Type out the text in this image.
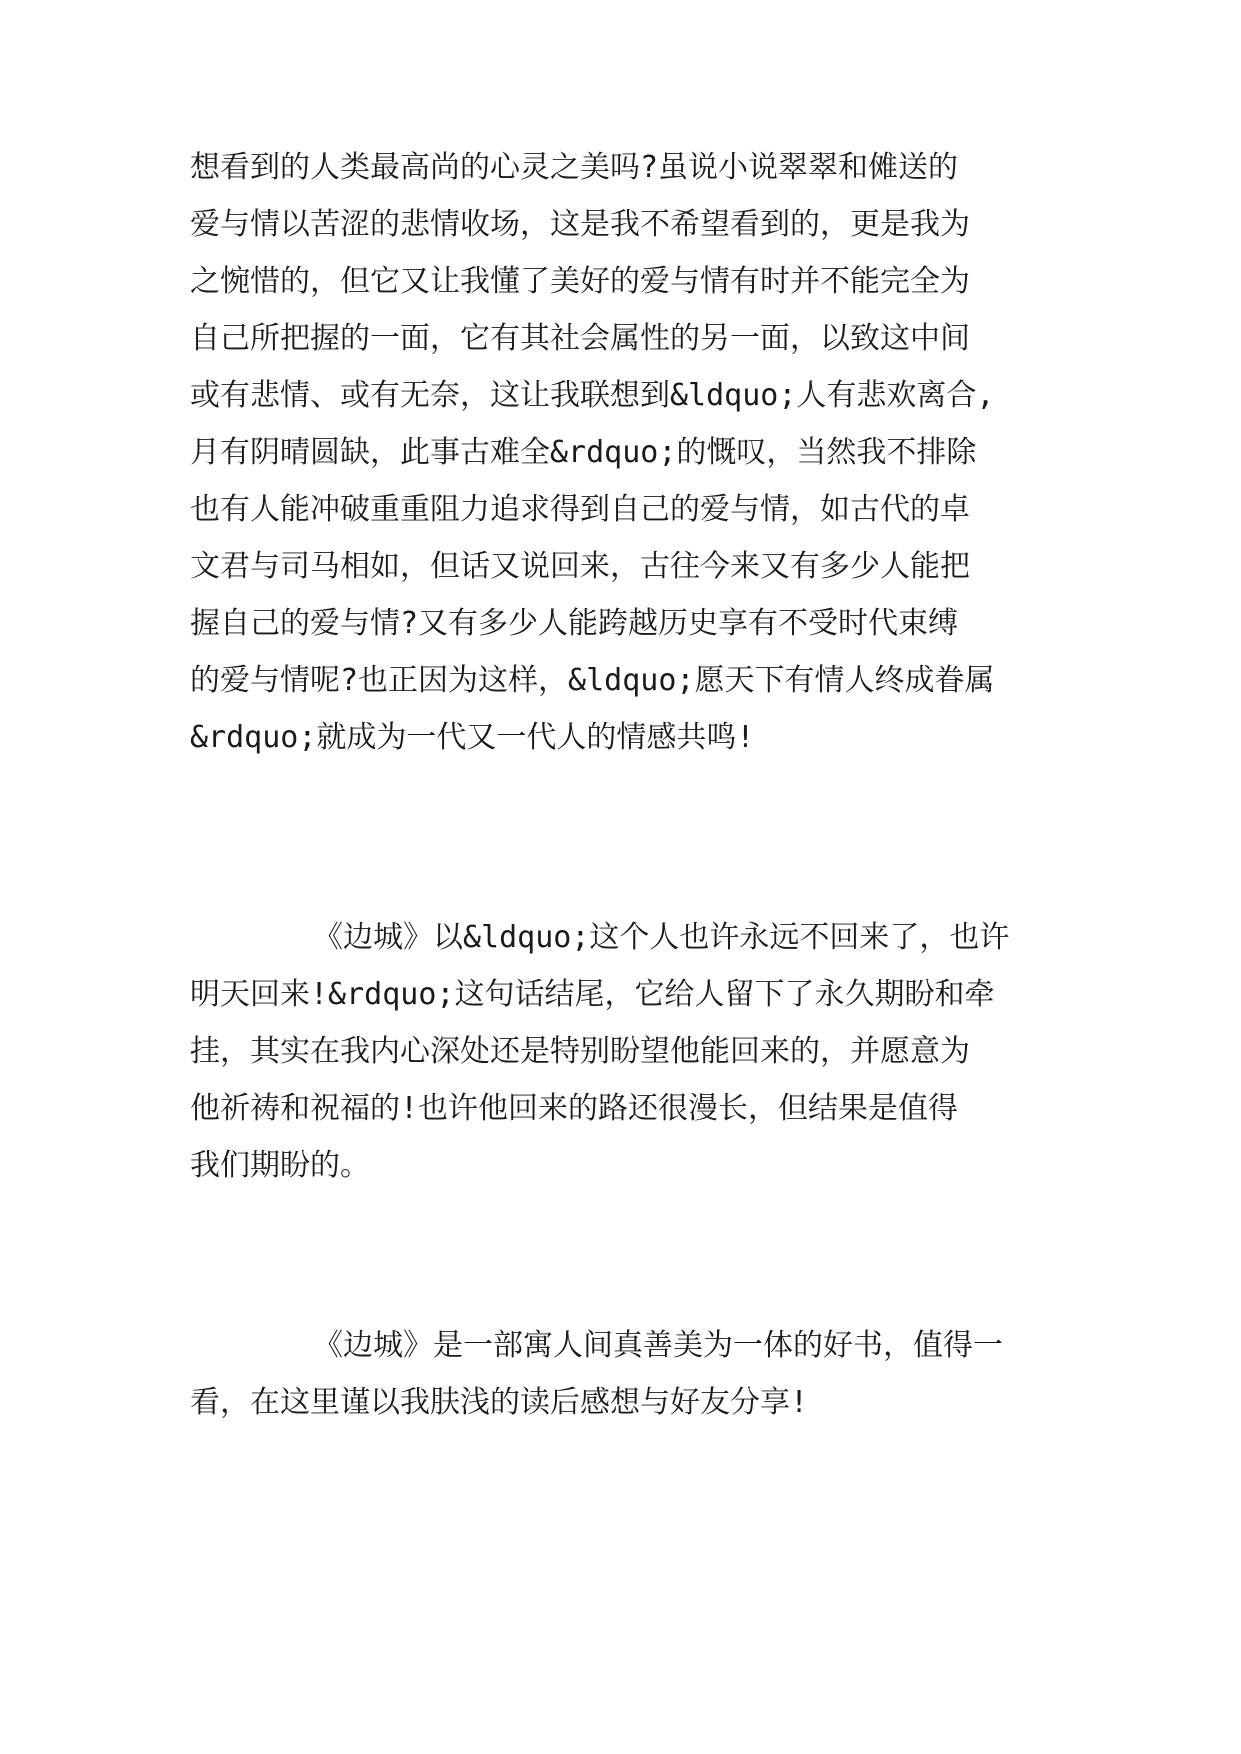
想看到的人类最高尚的心灵之美吗?虽说小说翠翠和傩送的
爱与情以苦涩的悲情收场，这是我不希望看到的，更是我为
之惋惜的，但它又让我懂了美好的爱与情有时并不能完全为
自己所把握的一面，它有其社会属性的另一面，以致这中间
或有悲情、或有无奈，这让我联想到&ldquo;人有悲欢离合,
月有阴晴圆缺，此事古难全&rdquo;的慨叹，当然我不排除
也有人能冲破重重阻力追求得到自己的爱与情，如古代的卓
文君与司马相如，但话又说回来，古往今来又有多少人能把
握自己的爱与情?又有多少人能跨越历史享有不受时代束缚
的爱与情呢?也正因为这样，&ldquo;愿天下有情人终成眷属
&rdquo;就成为一代又一代人的情感共鸣!
《边城》以&ldquo;这个人也许永远不回来了，也许
明天回来!&rdquo;这句话结尾，它给人留下了永久期盼和牵
挂，其实在我内心深处还是特别盼望他能回来的，并愿意为
他祈祷和祝福的!也许他回来的路还很漫长，但结果是值得
我们期盼的。
《边城》是一部寓人间真善美为一体的好书，值得一
看，在这里谨以我肤浅的读后感想与好友分享!
